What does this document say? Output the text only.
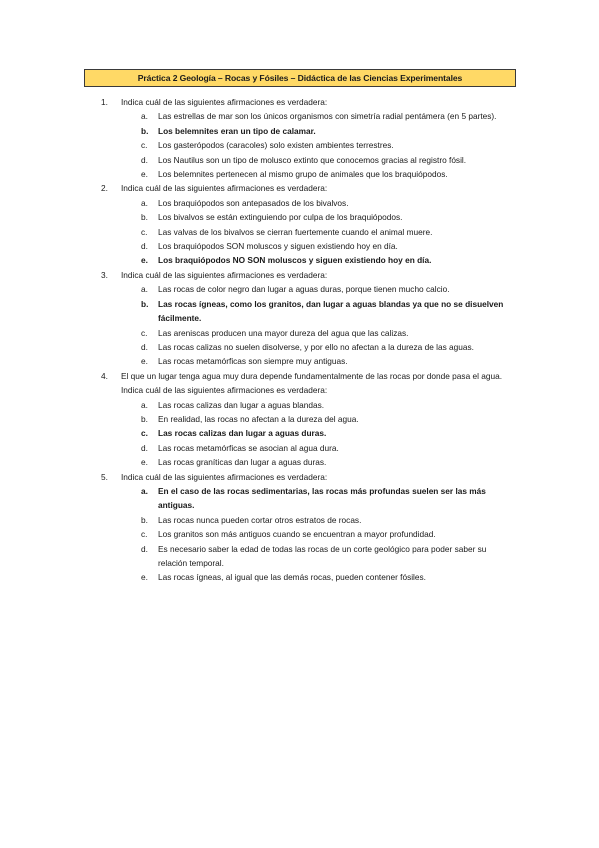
Práctica 2 Geología – Rocas y Fósiles – Didáctica de las Ciencias Experimentales
1.	Indica cuál de las siguientes afirmaciones es verdadera:
a.	Las estrellas de mar son los únicos organismos con simetría radial pentámera (en 5 partes).
b.	Los belemnites eran un tipo de calamar.
c.	Los gasterópodos (caracoles) solo existen ambientes terrestres.
d.	Los Nautilus son un tipo de molusco extinto que conocemos gracias al registro fósil.
e.	Los belemnites pertenecen al mismo grupo de animales que los braquiópodos.
2.	Indica cuál de las siguientes afirmaciones es verdadera:
a.	Los braquiópodos son antepasados de los bivalvos.
b.	Los bivalvos se están extinguiendo por culpa de los braquiópodos.
c.	Las valvas de los bivalvos se cierran fuertemente cuando el animal muere.
d.	Los braquiópodos SON moluscos y siguen existiendo hoy en día.
e.	Los braquiópodos NO SON moluscos y siguen existiendo hoy en día.
3.	Indica cuál de las siguientes afirmaciones es verdadera:
a.	Las rocas de color negro dan lugar a aguas duras, porque tienen mucho calcio.
b.	Las rocas ígneas, como los granitos, dan lugar a aguas blandas ya que no se disuelven fácilmente.
c.	Las areniscas producen una mayor dureza del agua que las calizas.
d.	Las rocas calizas no suelen disolverse, y por ello no afectan a la dureza de las aguas.
e.	Las rocas metamórficas son siempre muy antiguas.
4.	El que un lugar tenga agua muy dura depende fundamentalmente de las rocas por donde pasa el agua. Indica cuál de las siguientes afirmaciones es verdadera:
a.	Las rocas calizas dan lugar a aguas blandas.
b.	En realidad, las rocas no afectan a la dureza del agua.
c.	Las rocas calizas dan lugar a aguas duras.
d.	Las rocas metamórficas se asocian al agua dura.
e.	Las rocas graníticas dan lugar a aguas duras.
5.	Indica cuál de las siguientes afirmaciones es verdadera:
a.	En el caso de las rocas sedimentarias, las rocas más profundas suelen ser las más antiguas.
b.	Las rocas nunca pueden cortar otros estratos de rocas.
c.	Los granitos son más antiguos cuando se encuentran a mayor profundidad.
d.	Es necesario saber la edad de todas las rocas de un corte geológico para poder saber su relación temporal.
e.	Las rocas ígneas, al igual que las demás rocas, pueden contener fósiles.
